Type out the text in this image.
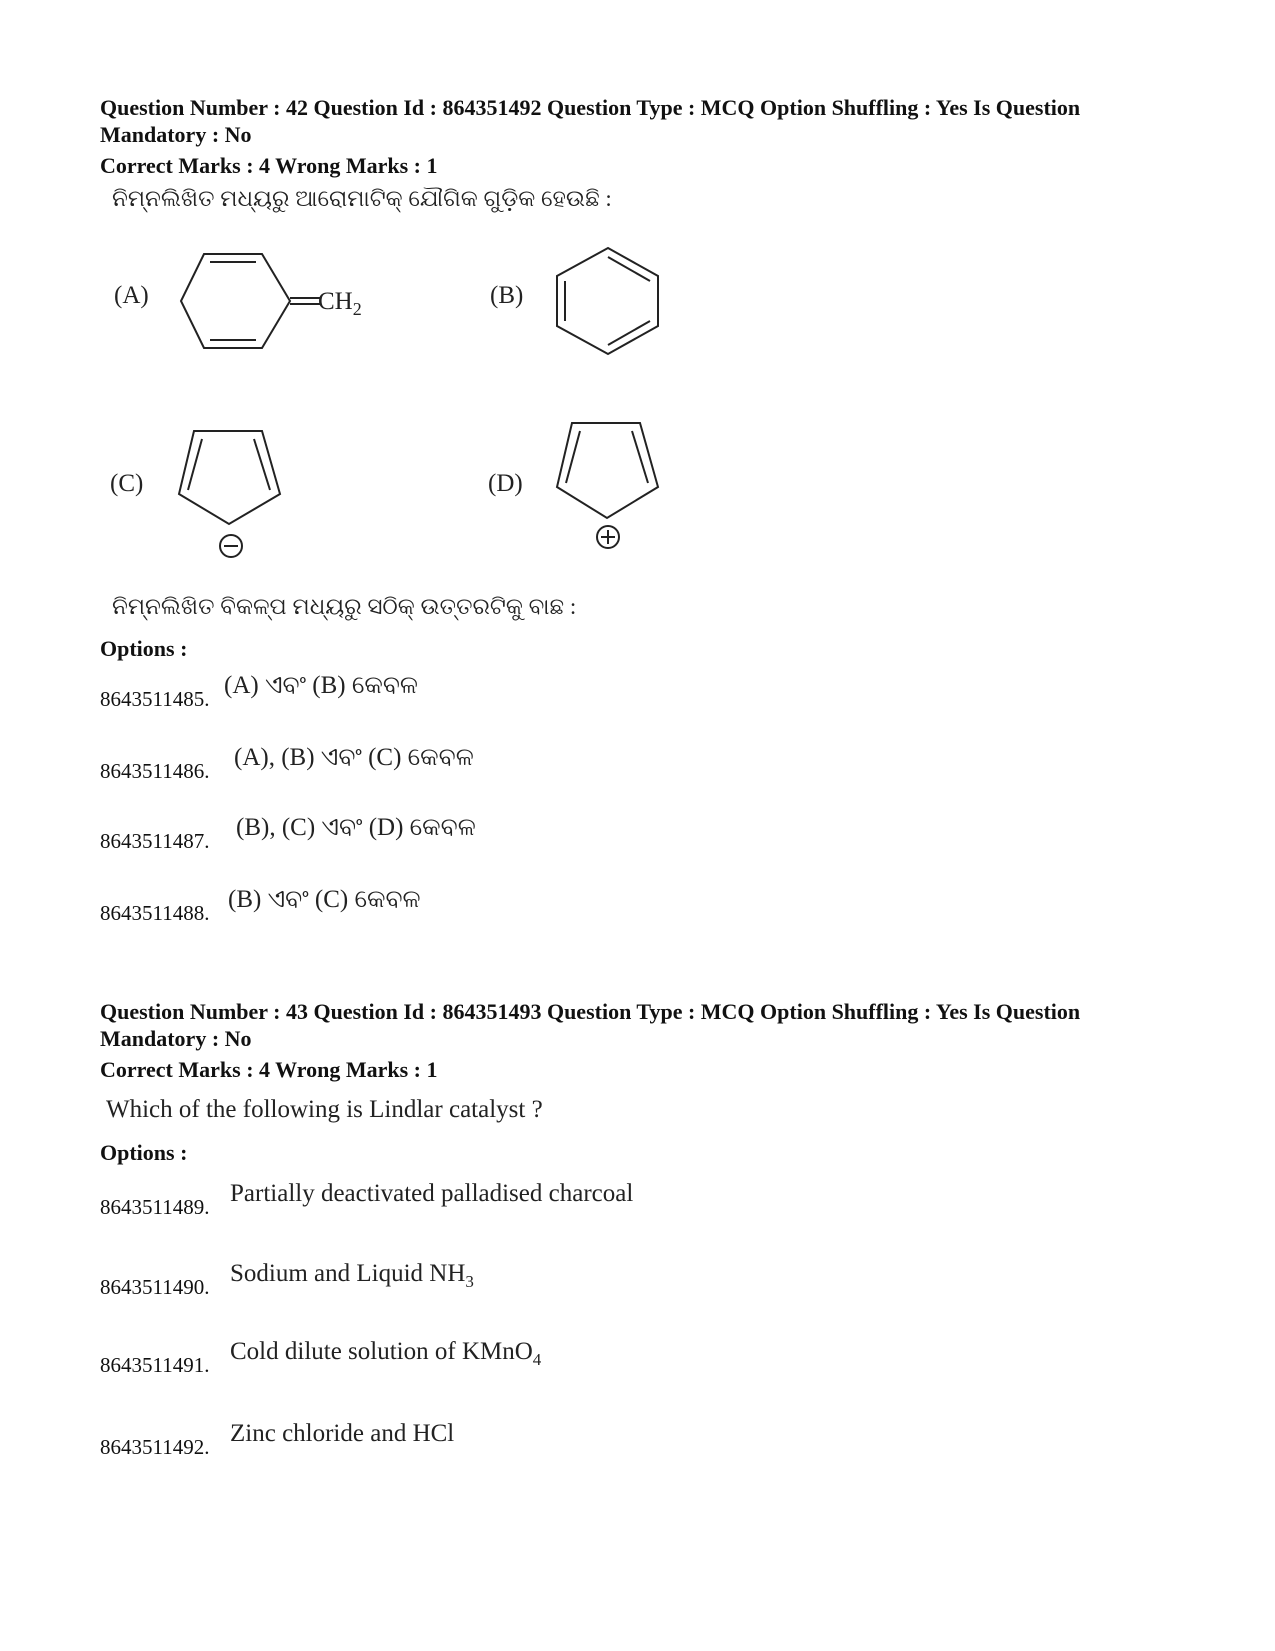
Question Number : 42 Question Id : 864351492 Question Type : MCQ Option Shuffling : Yes Is Question
Mandatory : No
Correct Marks : 4 Wrong Marks : 1
ନିମ୍ନଲିଖିତ ମଧ୍ୟରୁ ଆରୋମାଟିକ୍ ଯୌଗିକ ଗୁଡ଼ିକ ହେଉଛି :
(A)	$CH_2$	(B)
(C)	(D)
ନିମ୍ନଲିଖିତ ବିକଳ୍ପ ମଧ୍ୟରୁ ସଠିକ୍ ଉତ୍ତରଟିକୁ ବାଛ :
Options :
8643511485. (A) ଏବଂ (B) କେବଳ
8643511486. (A), (B) ଏବଂ (C) କେବଳ
8643511487. (B), (C) ଏବଂ (D) କେବଳ
8643511488. (B) ଏବଂ (C) କେବଳ
Question Number : 43 Question Id : 864351493 Question Type : MCQ Option Shuffling : Yes Is Question
Mandatory : No
Correct Marks : 4 Wrong Marks : 1
Which of the following is Lindlar catalyst ?
Options :
8643511489. Partially deactivated palladised charcoal
8643511490. Sodium and Liquid $NH_3$
8643511491. Cold dilute solution of KMnO$_4$
8643511492. Zinc chloride and HCl
